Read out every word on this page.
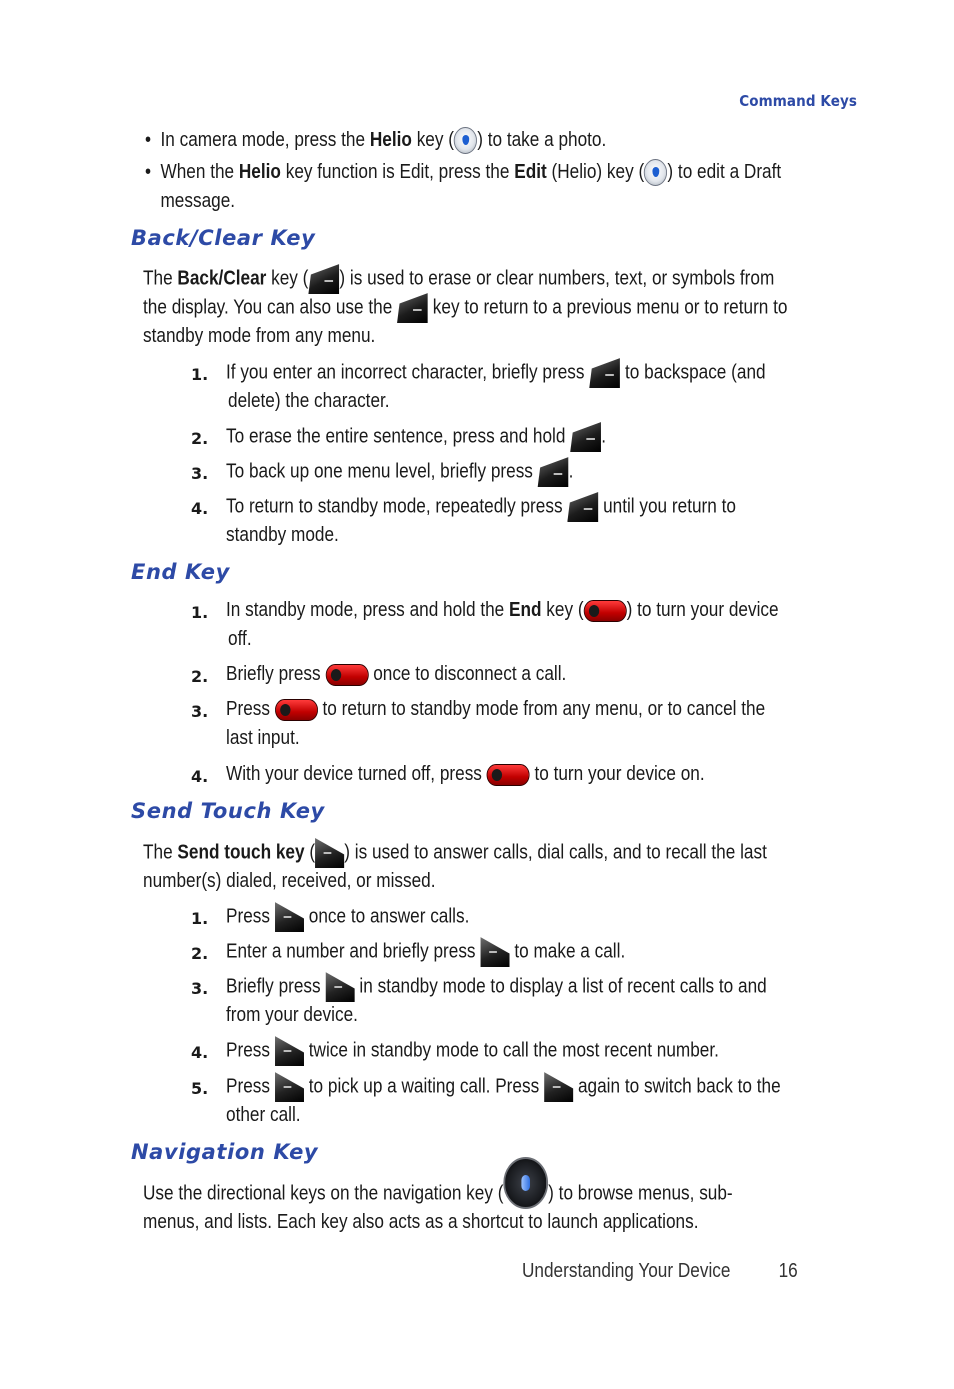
Command Keys
• In camera mode, press the Helio key ( ) to take a photo.
• When the Helio key function is Edit, press the Edit (Helio) key ( ) to edit a Draft
message.
Back/Clear Key
The Back/Clear key ( ) is used to erase or clear numbers, text, or symbols from
the display. You can also use the  key to return to a previous menu or to return to
standby mode from any menu.
1. If you enter an incorrect character, briefly press  to backspace (and
delete) the character.
2. To erase the entire sentence, press and hold .
3. To back up one menu level, briefly press .
4. To return to standby mode, repeatedly press  until you return to
standby mode.
End Key
1. In standby mode, press and hold the End key ( ) to turn your device
off.
2. Briefly press  once to disconnect a call.
3. Press  to return to standby mode from any menu, or to cancel the
last input.
4. With your device turned off, press  to turn your device on.
Send Touch Key
The Send touch key ( ) is used to answer calls, dial calls, and to recall the last
number(s) dialed, received, or missed.
1. Press  once to answer calls.
2. Enter a number and briefly press  to make a call.
3. Briefly press  in standby mode to display a list of recent calls to and
from your device.
4. Press  twice in standby mode to call the most recent number.
5. Press  to pick up a waiting call. Press  again to switch back to the
other call.
Navigation Key
Use the directional keys on the navigation key ( ) to browse menus, sub-
menus, and lists. Each key also acts as a shortcut to launch applications.
Understanding Your Device 16
